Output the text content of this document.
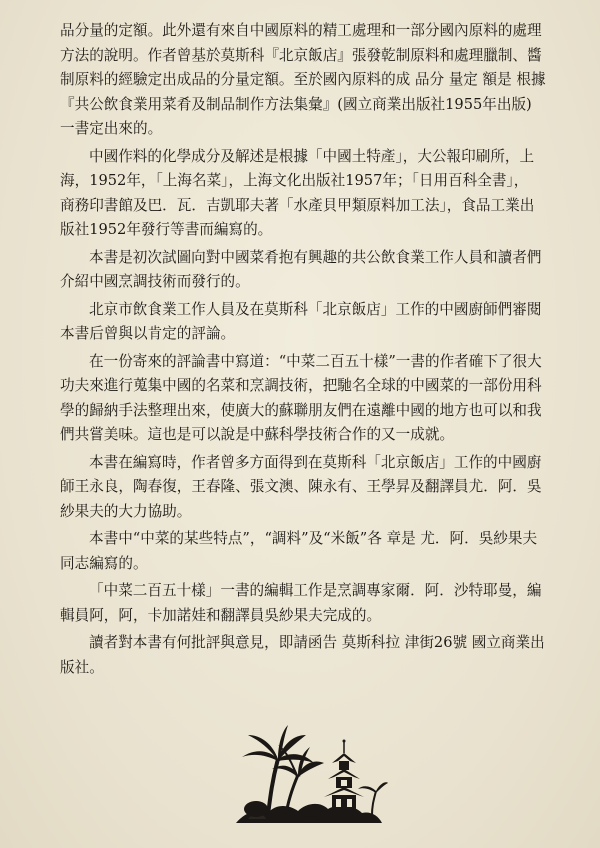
品分量的定額。此外還有來自中國原料的精工處理和一部分國內原料的處理
方法的說明。作者曾基於莫斯科『北京飯店』張發乾制原料和處理臘制、醬
制原料的經驗定出成品的分量定額。至於國內原料的成 品分 量定 額是 根據
『共公飲食業用菜肴及制品制作方法集彙』(國立商業出版社1955年出版)
一書定出來的。

中國作料的化學成分及解述是根據「中國土特產」，大公報印刷所，上
海，1952年，「上海名菜」，上海文化出版社1957年；「日用百科全書」，
商務印書館及巴．瓦．吉凱耶夫著「水產貝甲類原料加工法」，食品工業出
版社1952年發行等書而編寫的。

本書是初次試圖向對中國菜肴抱有興趣的共公飲食業工作人員和讀者們
介紹中國烹調技術而發行的。

北京市飲食業工作人員及在莫斯科「北京飯店」工作的中國廚師們審閱
本書后曾與以肯定的評論。

在一份寄來的評論書中寫道：“中菜二百五十樣”一書的作者確下了很大
功夫來進行蒐集中國的名菜和烹調技術，把馳名全球的中國菜的一部份用科
學的歸納手法整理出來，使廣大的蘇聯朋友們在遠離中國的地方也可以和我
們共嘗美味。這也是可以說是中蘇科學技術合作的又一成就。

本書在編寫時，作者曾多方面得到在莫斯科「北京飯店」工作的中國廚
師王永良，陶春復，王春隆、張文澳、陳永有、王學昇及翻譯員尤．阿．吳
紗果夫的大力協助。

本書中“中菜的某些特点”，“調料”及“米飯”各 章是 尤．阿．吳紗果夫
同志編寫的。

「中菜二百五十樣」一書的編輯工作是烹調專家爾．阿．沙特耶曼，編
輯員阿，阿，卡加諾娃和翻譯員吳紗果夫完成的。

讀者對本書有何批評與意見，即請函告 莫斯科拉 津街26號 國立商業出
版社。
